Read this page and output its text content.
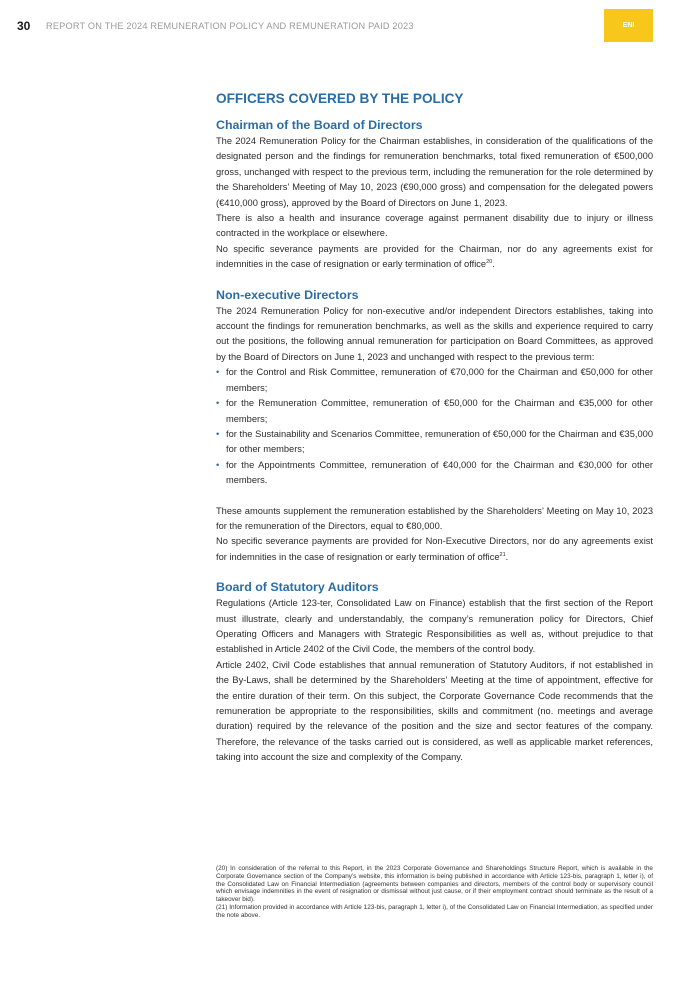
30 REPORT ON THE 2024 REMUNERATION POLICY AND REMUNERATION PAID 2023	ENI
OFFICERS COVERED BY THE POLICY
Chairman of the Board of Directors

The 2024 Remuneration Policy for the Chairman establishes, in consideration of the qualifications of the designated person and the findings for remuneration benchmarks, total fixed remuneration of €500,000 gross, unchanged with respect to the previous term, including the remuneration for the role determined by the Shareholders’ Meeting of May 10, 2023 (€90,000 gross) and compensation for the delegated powers (€410,000 gross), approved by the Board of Directors on June 1, 2023.

There is also a health and insurance coverage against permanent disability due to injury or illness contracted in the workplace or elsewhere.

No specific severance payments are provided for the Chairman, nor do any agreements exist for indemnities in the case of resignation or early termination of office$^{20}$.

Non-executive Directors

The 2024 Remuneration Policy for non-executive and/or independent Directors establishes, taking into account the findings for remuneration benchmarks, as well as the skills and experience required to carry out the positions, the following annual remuneration for participation on Board Committees, as approved by the Board of Directors on June 1, 2023 and unchanged with respect to the previous term:

• for the Control and Risk Committee, remuneration of €70,000 for the Chairman and €50,000 for other members;
• for the Remuneration Committee, remuneration of €50,000 for the Chairman and €35,000 for other members;
• for the Sustainability and Scenarios Committee, remuneration of €50,000 for the Chairman and €35,000 for other members;
• for the Appointments Committee, remuneration of €40,000 for the Chairman and €30,000 for other members.

These amounts supplement the remuneration established by the Shareholders’ Meeting on May 10, 2023 for the remuneration of the Directors, equal to €80,000.

No specific severance payments are provided for Non-Executive Directors, nor do any agreements exist for indemnities in the case of resignation or early termination of office$^{21}$.

Board of Statutory Auditors

Regulations (Article 123-ter, Consolidated Law on Finance) establish that the first section of the Report must illustrate, clearly and understandably, the company’s remuneration policy for Directors, Chief Operating Officers and Managers with Strategic Responsibilities as well as, without prejudice to that established in Article 2402 of the Civil Code, the members of the control body.

Article 2402, Civil Code establishes that annual remuneration of Statutory Auditors, if not established in the By-Laws, shall be determined by the Shareholders’ Meeting at the time of appointment, effective for the entire duration of their term. On this subject, the Corporate Governance Code recommends that the remuneration be appropriate to the responsibilities, skills and commitment (no. meetings and average duration) required by the relevance of the position and the size and sector features of the company. Therefore, the relevance of the tasks carried out is considered, as well as applicable market references, taking into account the size and complexity of the Company.

(20) In consideration of the referral to this Report, in the 2023 Corporate Governance and Shareholdings Structure Report, which is available in the Corporate Governance section of the Company’s website, this information is being published in accordance with Article 123-bis, paragraph 1, letter i), of the Consolidated Law on Financial Intermediation (agreements between companies and directors, members of the control body or supervisory council which envisage indemnities in the event of resignation or dismissal without just cause, or if their employment contract should terminate as the result of a takeover bid).

(21) Information provided in accordance with Article 123-bis, paragraph 1, letter i), of the Consolidated Law on Financial Intermediation, as specified under the note above.
